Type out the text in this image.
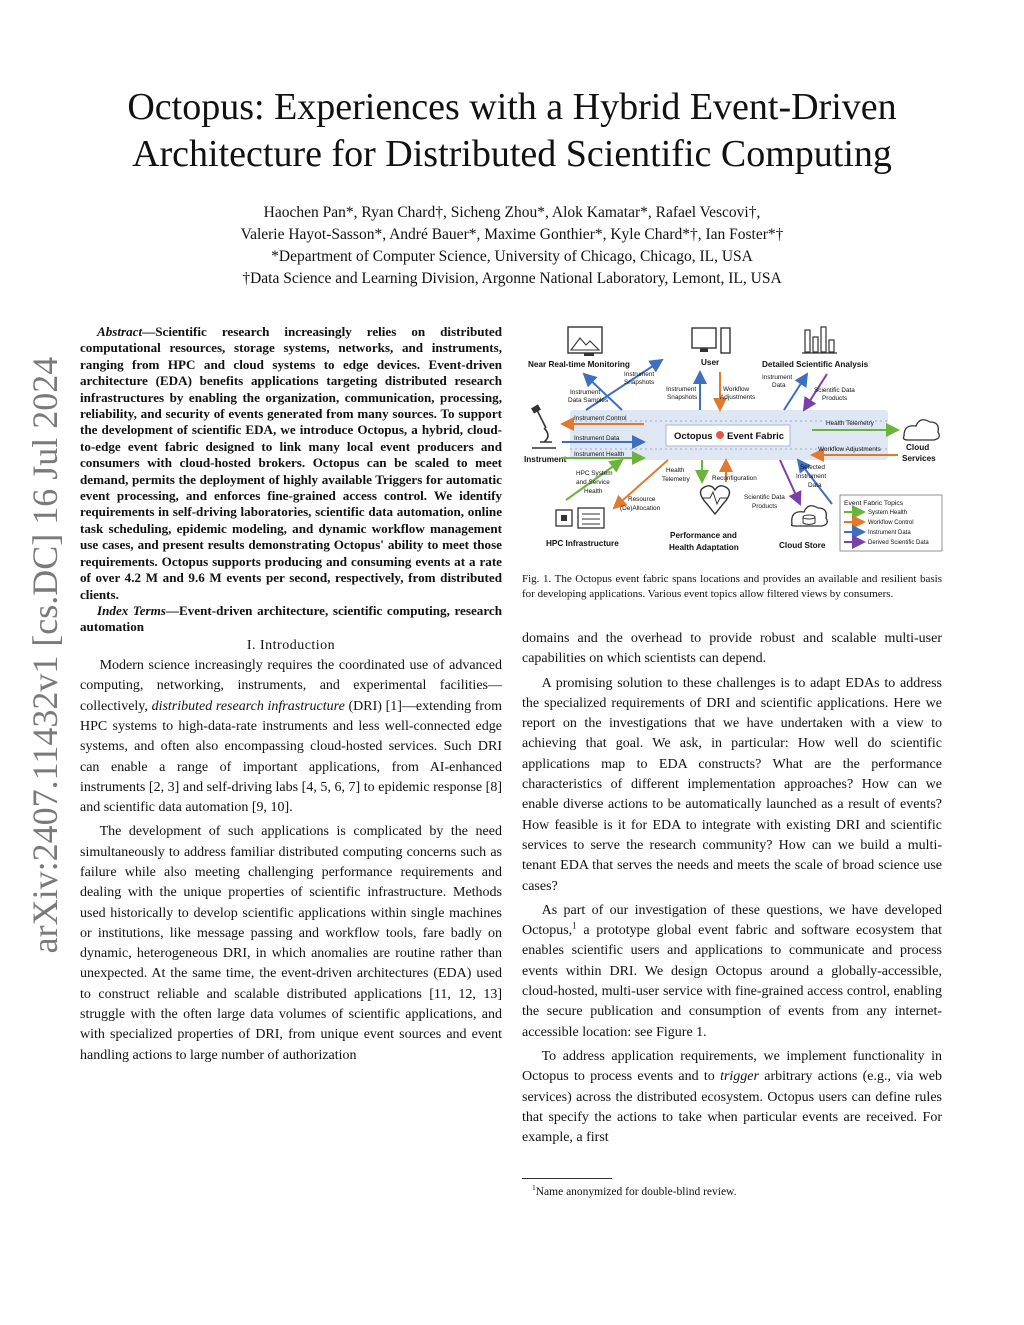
arXiv:2407.11432v1 [cs.DC] 16 Jul 2024
Octopus: Experiences with a Hybrid Event-Driven Architecture for Distributed Scientific Computing
Haochen Pan*, Ryan Chard†, Sicheng Zhou*, Alok Kamatar*, Rafael Vescovi†,
Valerie Hayot-Sasson*, André Bauer*, Maxime Gonthier*, Kyle Chard*†, Ian Foster*†
*Department of Computer Science, University of Chicago, Chicago, IL, USA
†Data Science and Learning Division, Argonne National Laboratory, Lemont, IL, USA

Abstract—Scientific research increasingly relies on distributed computational resources, storage systems, networks, and instruments, ranging from HPC and cloud systems to edge devices. Event-driven architecture (EDA) benefits applications targeting distributed research infrastructures by enabling the organization, communication, processing, reliability, and security of events generated from many sources. To support the development of scientific EDA, we introduce Octopus, a hybrid, cloud-to-edge event fabric designed to link many local event producers and consumers with cloud-hosted brokers. Octopus can be scaled to meet demand, permits the deployment of highly available Triggers for automatic event processing, and enforces fine-grained access control. We identify requirements in self-driving laboratories, scientific data automation, online task scheduling, epidemic modeling, and dynamic workflow management use cases, and present results demonstrating Octopus' ability to meet those requirements. Octopus supports producing and consuming events at a rate of over 4.2 M and 9.6 M events per second, respectively, from distributed clients.

Index Terms—Event-driven architecture, scientific computing, research automation

I. Introduction

Modern science increasingly requires the coordinated use of advanced computing, networking, instruments, and experimental facilities—collectively, distributed research infrastructure (DRI) [1]—extending from HPC systems to high-data-rate instruments and less well-connected edge systems, and often also encompassing cloud-hosted services. Such DRI can enable a range of important applications, from AI-enhanced instruments [2, 3] and self-driving labs [4, 5, 6, 7] to epidemic response [8] and scientific data automation [9, 10].

The development of such applications is complicated by the need simultaneously to address familiar distributed computing concerns such as failure while also meeting challenging performance requirements and dealing with the unique properties of scientific infrastructure. Methods used historically to develop scientific applications within single machines or institutions, like message passing and workflow tools, fare badly on dynamic, heterogeneous DRI, in which anomalies are routine rather than unexpected. At the same time, the event-driven architectures (EDA) used to construct reliable and scalable distributed applications [11, 12, 13] struggle with the often large data volumes of scientific applications, and with specialized properties of DRI, from unique event sources and event handling actions to large number of authorization

Octopus Event Fabric
Near Real-time Monitoring	User	Detailed Scientific Analysis
Instrument
Cloud
Services
HPC Infrastructure
Performance and
Health Adaptation	Cloud Store
Instrument
Snapshots
Instrument
Data Samples
Instrument
Snapshots
Workflow
Adjustments
Instrument
Data
Scientific Data
Products
Instrument Control
Instrument Data
Instrument Health
Health Telemetry
Workflow Adjustments
HPC System
and Service
Health
Resource
(De)Allocation
Health
Telemetry	Reconfiguration
Selected
Instrument
Data
Scientific Data
Products	Event Fabric Topics
System Health
Workflow Control
Instrument Data
Derived Scientific Data
Fig. 1. The Octopus event fabric spans locations and provides an available and resilient basis for developing applications. Various event topics allow filtered views by consumers.

domains and the overhead to provide robust and scalable multi-user capabilities on which scientists can depend.

A promising solution to these challenges is to adapt EDAs to address the specialized requirements of DRI and scientific applications. Here we report on the investigations that we have undertaken with a view to achieving that goal. We ask, in particular: How well do scientific applications map to EDA constructs? What are the performance characteristics of different implementation approaches? How can we enable diverse actions to be automatically launched as a result of events? How feasible is it for EDA to integrate with existing DRI and scientific services to serve the research community? How can we build a multi-tenant EDA that serves the needs and meets the scale of broad science use cases?

As part of our investigation of these questions, we have developed Octopus,$^1$ a prototype global event fabric and software ecosystem that enables scientific users and applications to communicate and process events within DRI. We design Octopus around a globally-accessible, cloud-hosted, multi-user service with fine-grained access control, enabling the secure publication and consumption of events from any internet-accessible location: see Figure 1.

To address application requirements, we implement functionality in Octopus to process events and to trigger arbitrary actions (e.g., via web services) across the distributed ecosystem. Octopus users can define rules that specify the actions to take when particular events are received. For example, a first

$^1$Name anonymized for double-blind review.
